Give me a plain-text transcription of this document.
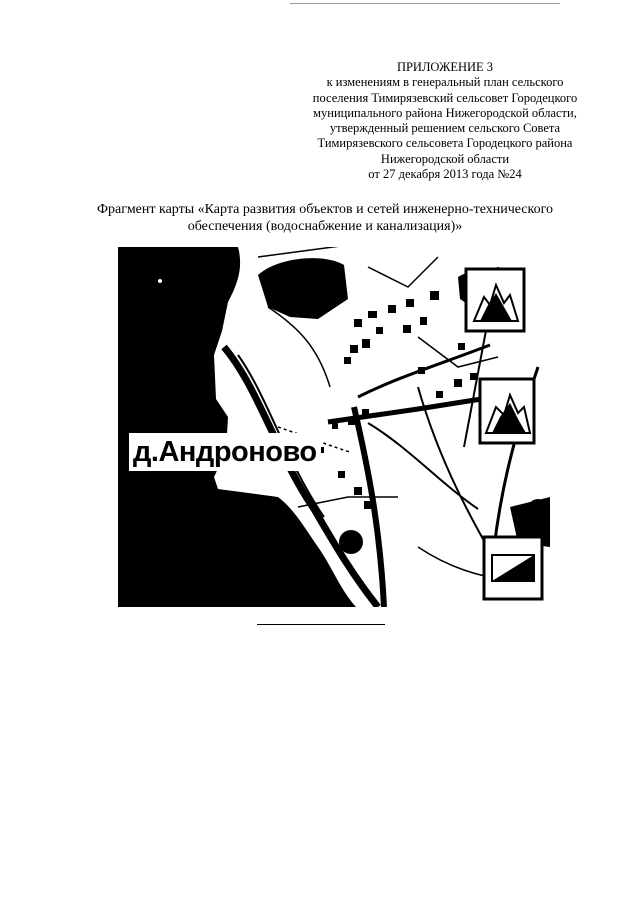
ПРИЛОЖЕНИЕ 3
к изменениям в генеральный план сельского
поселения Тимирязевский сельсовет Городецкого
муниципального района Нижегородской области,
утвержденный решением сельского Совета
Тимирязевского сельсовета Городецкого района
Нижегородской области
от 27 декабря 2013 года №24
Фрагмент карты «Карта развития объектов и сетей инженерно-технического
обеспечения (водоснабжение и канализация)»
д.Андроново
